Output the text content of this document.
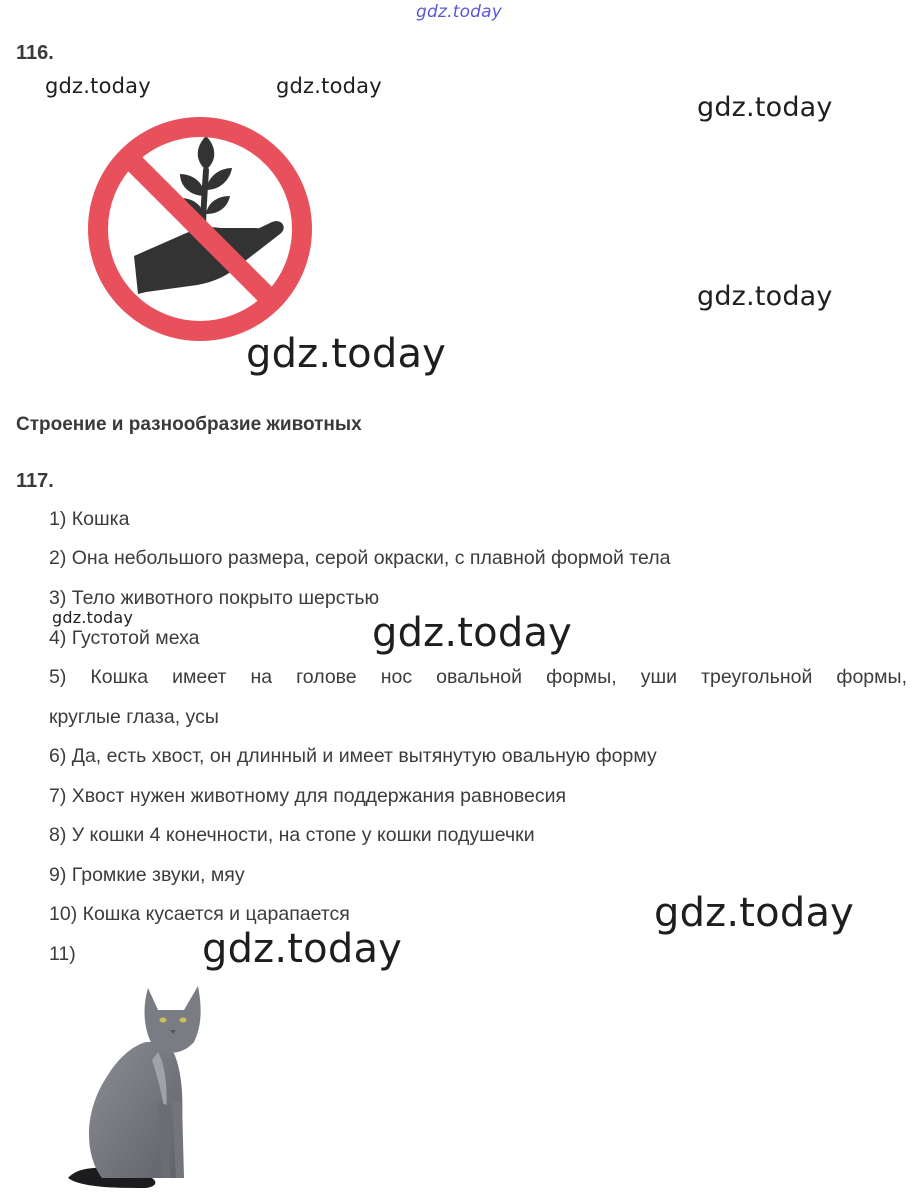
gdz.today
116.
gdz.today	gdz.today
gdz.today
gdz.today
gdz.today
Строение и разнообразие животных
117.
1) Кошка
2) Она небольшого размера, серой окраски, с плавной формой тела
3) Тело животного покрыто шерстью
gdz.today
4) Густотой меха	gdz.today
5) Кошка имеет на голове нос овальной формы, уши треугольной формы,
круглые глаза, усы
6) Да, есть хвост, он длинный и имеет вытянутую овальную форму
7) Хвост нужен животному для поддержания равновесия
8) У кошки 4 конечности, на стопе у кошки подушечки
9) Громкие звуки, мяу
10) Кошка кусается и царапается	gdz.today
11)	gdz.today
